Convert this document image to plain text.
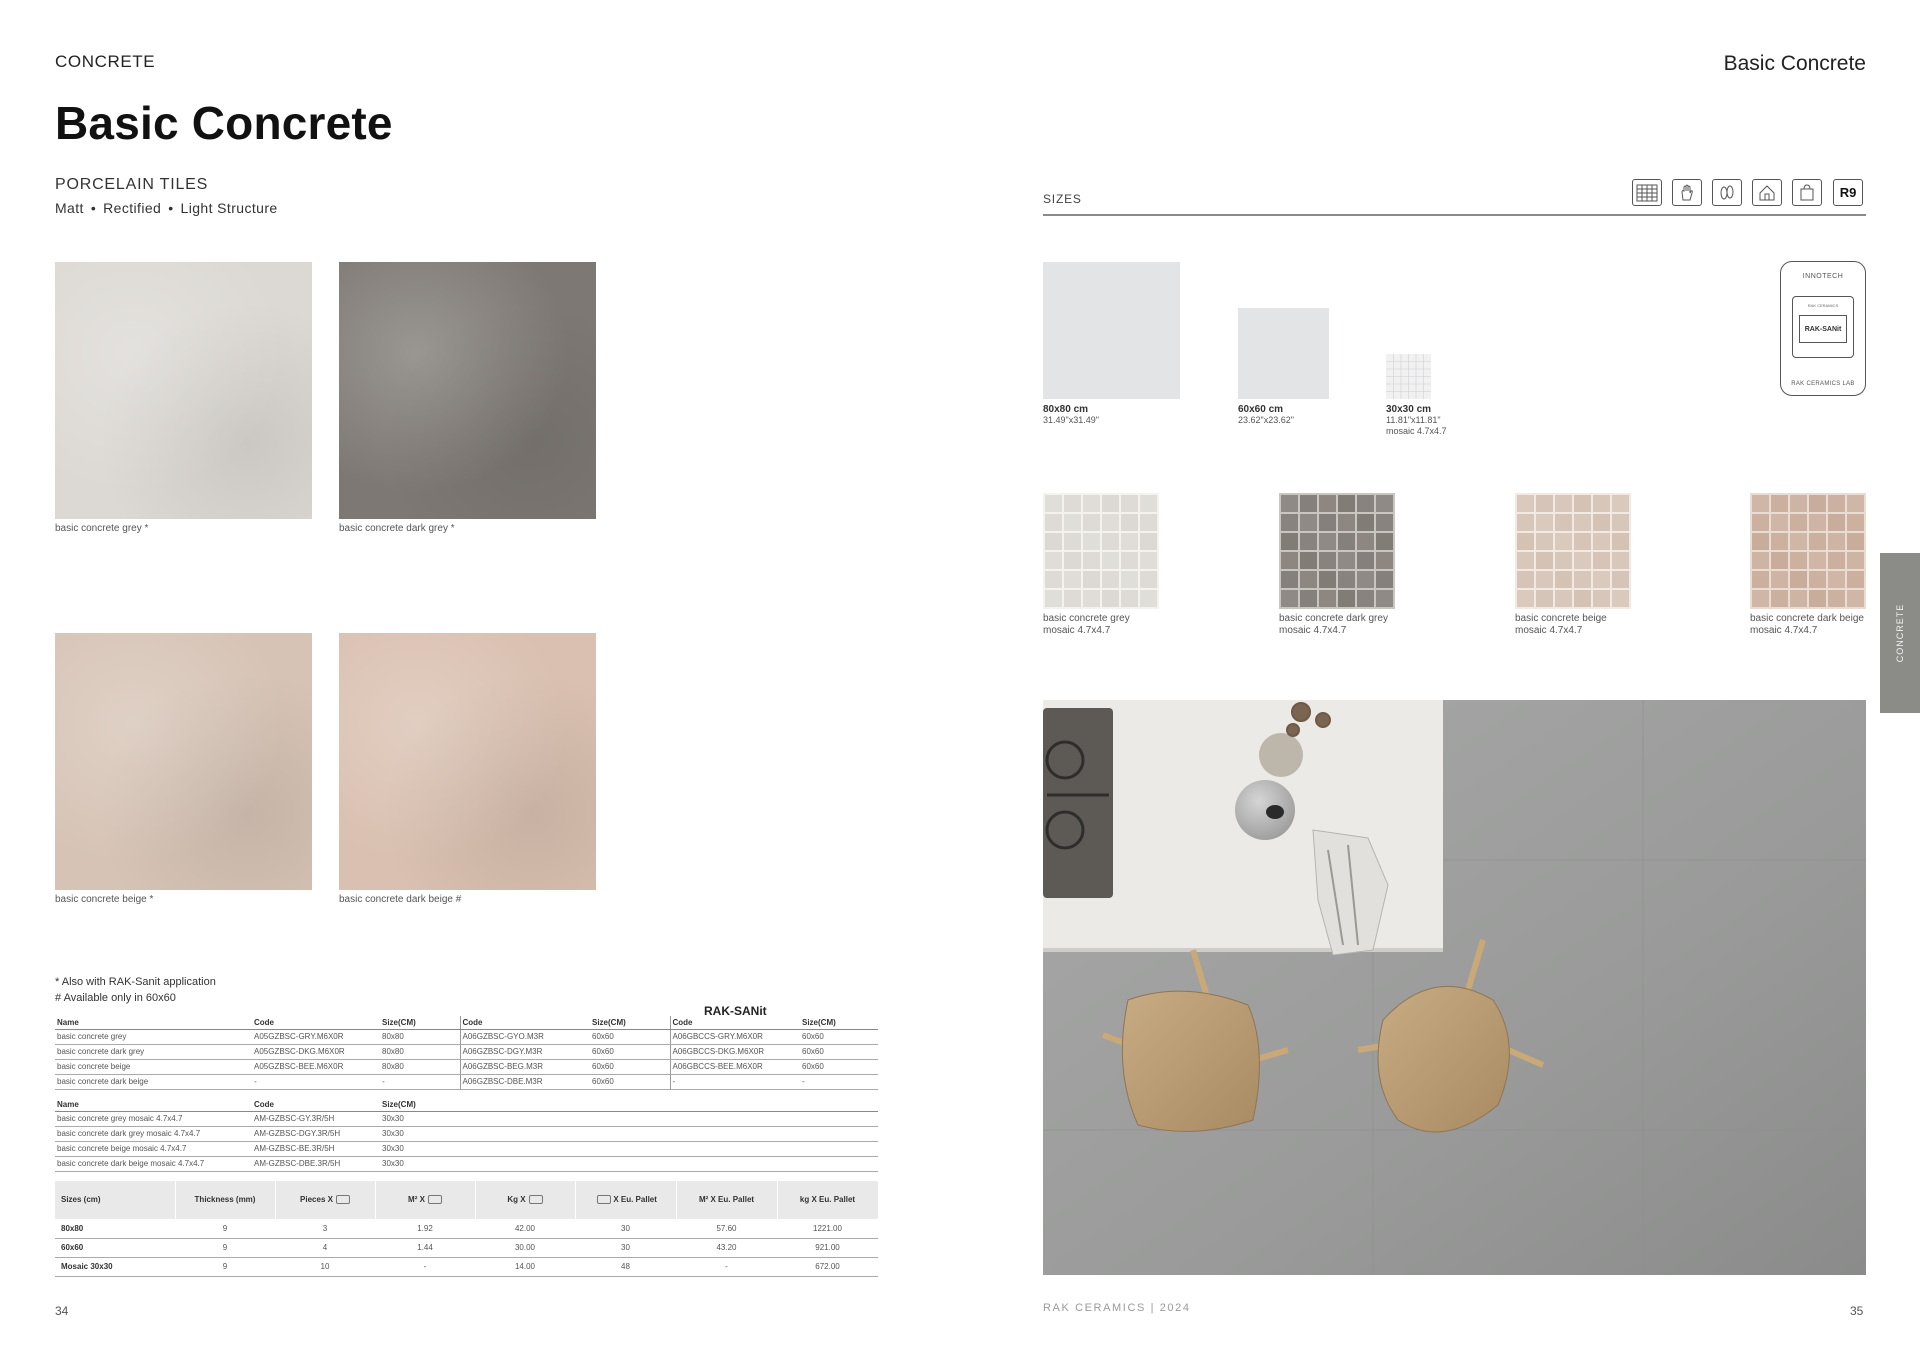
CONCRETE
Basic Concrete
PORCELAIN TILES
Matt • Rectified • Light Structure
basic concrete grey *	basic concrete dark grey *
basic concrete beige *	basic concrete dark beige #
* Also with RAK-Sanit application
# Available only in 60x60
RAK-SANit
Name	Code	Size(CM)	Code	Size(CM)	Code	Size(CM)
basic concrete grey	A05GZBSC-GRY.M6X0R	80x80	A06GZBSC-GYO.M3R	60x60	A06GBCCS-GRY.M6X0R	60x60
basic concrete dark grey	A05GZBSC-DKG.M6X0R	80x80	A06GZBSC-DGY.M3R	60x60	A06GBCCS-DKG.M6X0R	60x60
basic concrete beige	A05GZBSC-BEE.M6X0R	80x80	A06GZBSC-BEG.M3R	60x60	A06GBCCS-BEE.M6X0R	60x60
basic concrete dark beige	-	-	A06GZBSC-DBE.M3R	60x60	-	-
Name	Code	Size(CM)
basic concrete grey mosaic 4.7x4.7	AM-GZBSC-GY.3R/5H	30x30
basic concrete dark grey mosaic 4.7x4.7	AM-GZBSC-DGY.3R/5H	30x30
basic concrete beige mosaic 4.7x4.7	AM-GZBSC-BE.3R/5H	30x30
basic concrete dark beige mosaic 4.7x4.7	AM-GZBSC-DBE.3R/5H	30x30
Sizes (cm)	Thickness (mm)	Pieces X	M² X	Kg X	X Eu. Pallet	M² X Eu. Pallet	kg X Eu. Pallet
80x80	9	3	1.92	42.00	30	57.60	1221.00
60x60	9	4	1.44	30.00	30	43.20	921.00
Mosaic 30x30	9	10	-	14.00	48	-	672.00
34
Basic Concrete
SIZES	R9
80x80 cm
31.49"x31.49"
60x60 cm
23.62"x23.62"
30x30 cm
11.81"x11.81"
mosaic 4.7x4.7
INNOTECH
RAK CERAMICS
RAK-SANit
RAK CERAMICS LAB
basic concrete grey
mosaic 4.7x4.7
basic concrete dark grey
mosaic 4.7x4.7
basic concrete beige
mosaic 4.7x4.7
basic concrete dark beige
mosaic 4.7x4.7	CONCRETE
RAK CERAMICS | 2024	35
